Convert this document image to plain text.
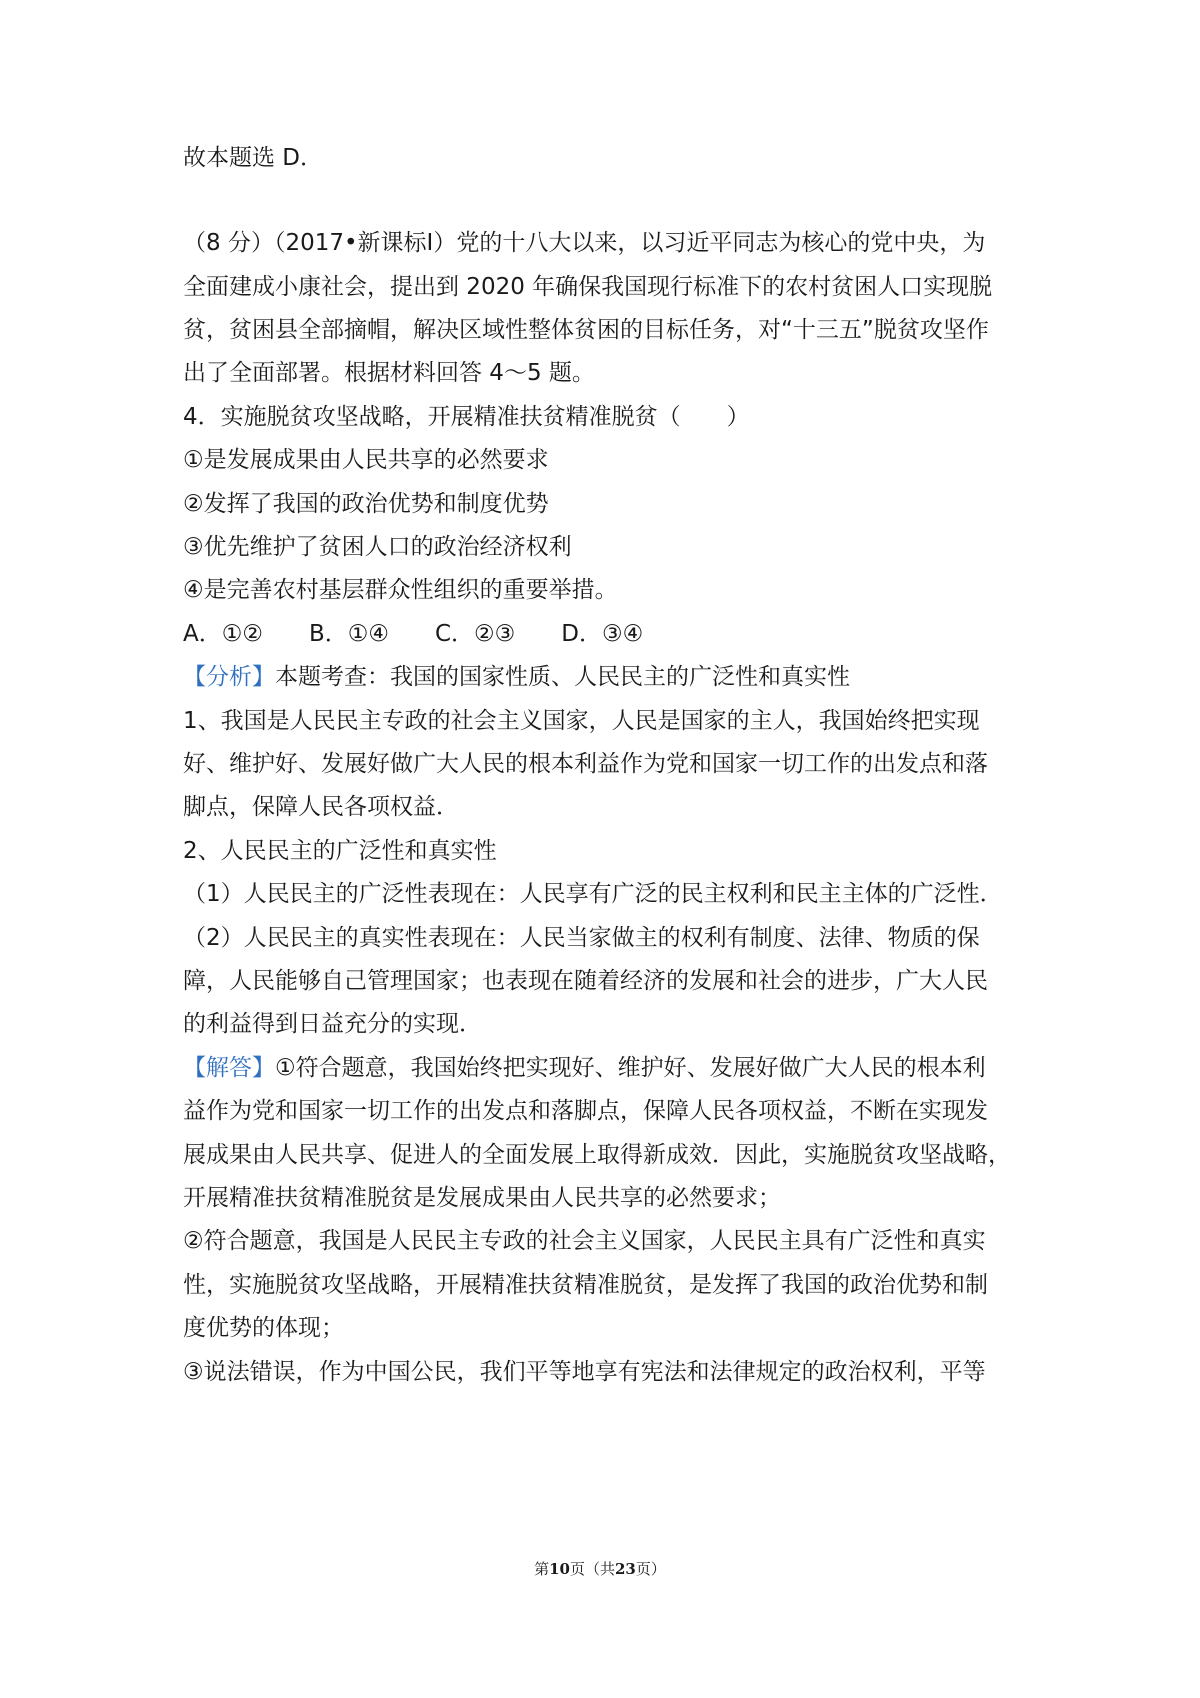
故本题选 D．
（8 分）（2017•新课标Ⅰ）党的十八大以来，以习近平同志为核心的党中央，为
全面建成小康社会，提出到 2020 年确保我国现行标准下的农村贫困人口实现脱
贫，贫困县全部摘帽，解决区域性整体贫困的目标任务，对“十三五”脱贫攻坚作
出了全面部署。根据材料回答 4～5 题。
4．实施脱贫攻坚战略，开展精准扶贫精准脱贫（　　）
①是发展成果由人民共享的必然要求
②发挥了我国的政治优势和制度优势
③优先维护了贫困人口的政治经济权利
④是完善农村基层群众性组织的重要举措。
A．①②　　B．①④　　C．②③　　D．③④
【分析】本题考查：我国的国家性质、人民民主的广泛性和真实性
1、我国是人民民主专政的社会主义国家，人民是国家的主人，我国始终把实现
好、维护好、发展好做广大人民的根本利益作为党和国家一切工作的出发点和落
脚点，保障人民各项权益．
2、人民民主的广泛性和真实性
（1）人民民主的广泛性表现在：人民享有广泛的民主权利和民主主体的广泛性．
（2）人民民主的真实性表现在：人民当家做主的权利有制度、法律、物质的保
障，人民能够自己管理国家；也表现在随着经济的发展和社会的进步，广大人民
的利益得到日益充分的实现．
【解答】①符合题意，我国始终把实现好、维护好、发展好做广大人民的根本利
益作为党和国家一切工作的出发点和落脚点，保障人民各项权益，不断在实现发
展成果由人民共享、促进人的全面发展上取得新成效．因此，实施脱贫攻坚战略，
开展精准扶贫精准脱贫是发展成果由人民共享的必然要求；
②符合题意，我国是人民民主专政的社会主义国家，人民民主具有广泛性和真实
性，实施脱贫攻坚战略，开展精准扶贫精准脱贫，是发挥了我国的政治优势和制
度优势的体现；
③说法错误，作为中国公民，我们平等地享有宪法和法律规定的政治权利，平等
第10页（共23页）
